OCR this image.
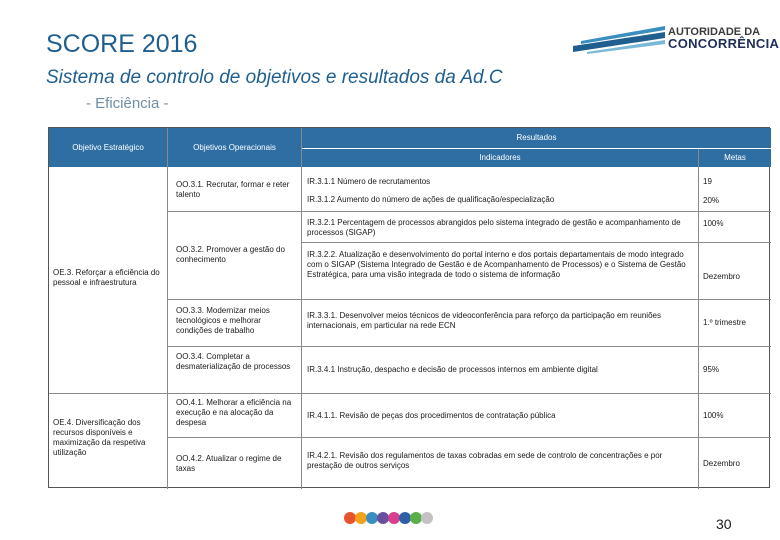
SCORE 2016
Sistema de controlo de objetivos e resultados da Ad.C
- Eficiência -
AUTORIDADE DA
CONCORRÊNCIA
Objetivo Estratégico	Objetivos Operacionais
Resultados
Indicadores	Metas
OE.3. Reforçar a eficiência do pessoal e infraestrutura
OE.4. Diversificação dos recursos disponíveis e maximização da respetiva utilização
OO.3.1. Recrutar, formar e reter talento
OO.3.2. Promover a gestão do conhecimento
OO.3.3. Modernizar meios tecnológicos e melhorar condições de trabalho
OO.3.4. Completar a desmaterialização de processos
OO.4.1. Melhorar a eficiência na execução e na alocação da despesa
OO.4.2. Atualizar o regime de taxas
IR.3.1.1 Número de recrutamentos
IR.3.1.2 Aumento do número de ações de qualificação/especialização
IR.3.2.1 Percentagem de processos abrangidos pelo sistema integrado de gestão e acompanhamento de processos (SIGAP)
IR.3.2.2. Atualização e desenvolvimento do portal interno e dos portais departamentais de modo integrado com o SIGAP (Sistema Integrado de Gestão e de Acompanhamento de Processos) e o Sistema de Gestão Estratégica, para uma visão integrada de todo o sistema de informação
IR.3.3.1. Desenvolver meios técnicos de videoconferência para reforço da participação em reuniões internacionais, em particular na rede ECN
IR.3.4.1 Instrução, despacho e decisão de processos internos em ambiente digital
IR.4.1.1. Revisão de peças dos procedimentos de contratação pública
IR.4.2.1. Revisão dos regulamentos de taxas cobradas em sede de controlo de concentrações e por prestação de outros serviços
19
20%
100%
Dezembro
1.º trimestre
95%
100%
Dezembro
30
